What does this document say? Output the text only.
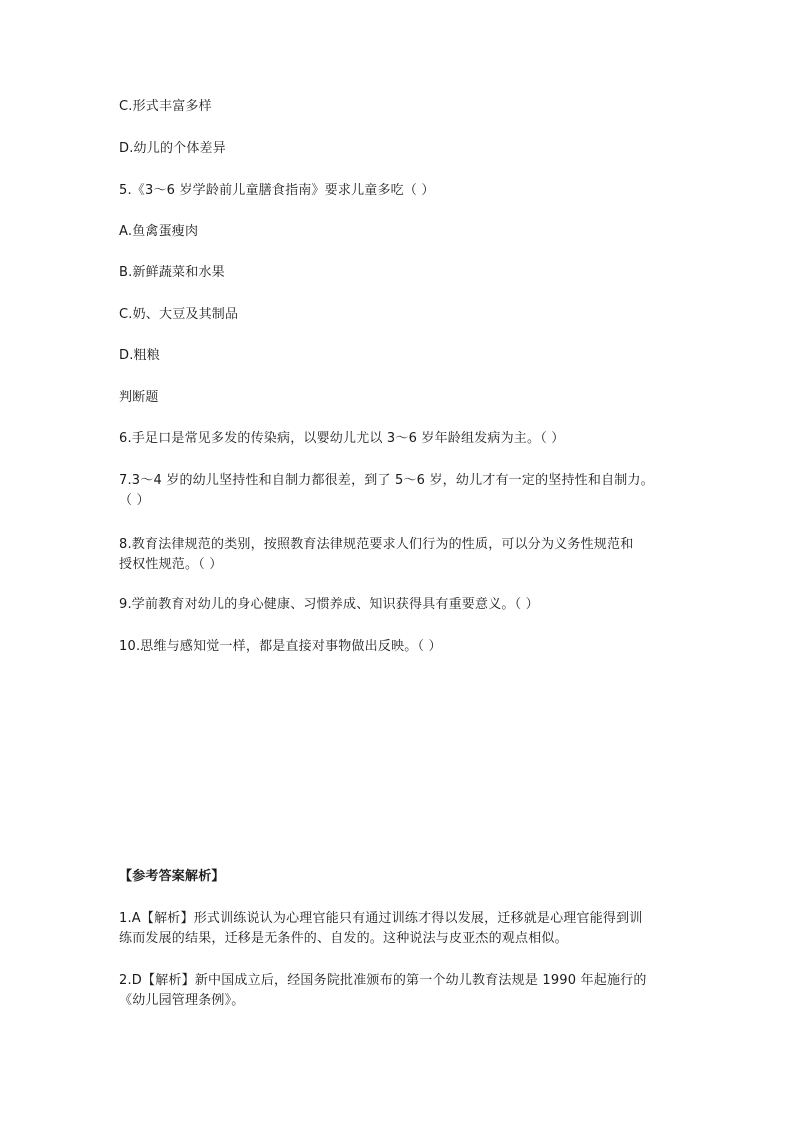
C.形式丰富多样
D.幼儿的个体差异
5.《3～6 岁学龄前儿童膳食指南》要求儿童多吃（ ）
A.鱼禽蛋瘦肉
B.新鲜蔬菜和水果
C.奶、大豆及其制品
D.粗粮
判断题
6.手足口是常见多发的传染病，以婴幼儿尤以 3～6 岁年龄组发病为主。（ ）
7.3～4 岁的幼儿坚持性和自制力都很差，到了 5～6 岁，幼儿才有一定的坚持性和自制力。
（ ）
8.教育法律规范的类别，按照教育法律规范要求人们行为的性质，可以分为义务性规范和
授权性规范。（ ）
9.学前教育对幼儿的身心健康、习惯养成、知识获得具有重要意义。（ ）
10.思维与感知觉一样，都是直接对事物做出反映。（ ）
【参考答案解析】
1.A【解析】形式训练说认为心理官能只有通过训练才得以发展，迁移就是心理官能得到训
练而发展的结果，迁移是无条件的、自发的。这种说法与皮亚杰的观点相似。
2.D【解析】新中国成立后，经国务院批准颁布的第一个幼儿教育法规是 1990 年起施行的
《幼儿园管理条例》。
